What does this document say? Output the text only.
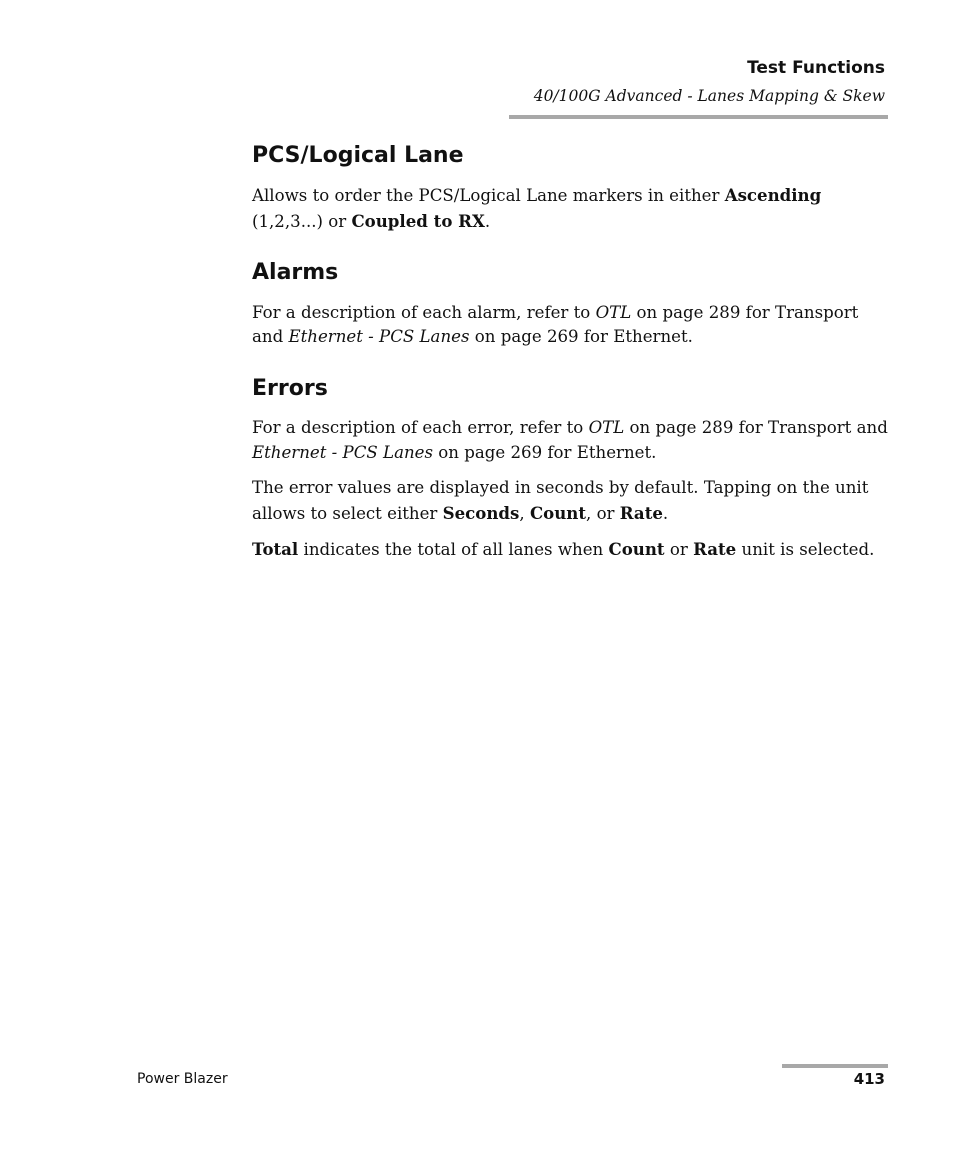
Test Functions
40/100G Advanced - Lanes Mapping & Skew
PCS/Logical Lane

Allows to order the PCS/Logical Lane markers in either Ascending (1,2,3...) or Coupled to RX.

Alarms

For a description of each alarm, refer to OTL on page 289 for Transport and Ethernet - PCS Lanes on page 269 for Ethernet.

Errors

For a description of each error, refer to OTL on page 289 for Transport and Ethernet - PCS Lanes on page 269 for Ethernet.

The error values are displayed in seconds by default. Tapping on the unit allows to select either Seconds, Count, or Rate.

Total indicates the total of all lanes when Count or Rate unit is selected.

Power Blazer	413
